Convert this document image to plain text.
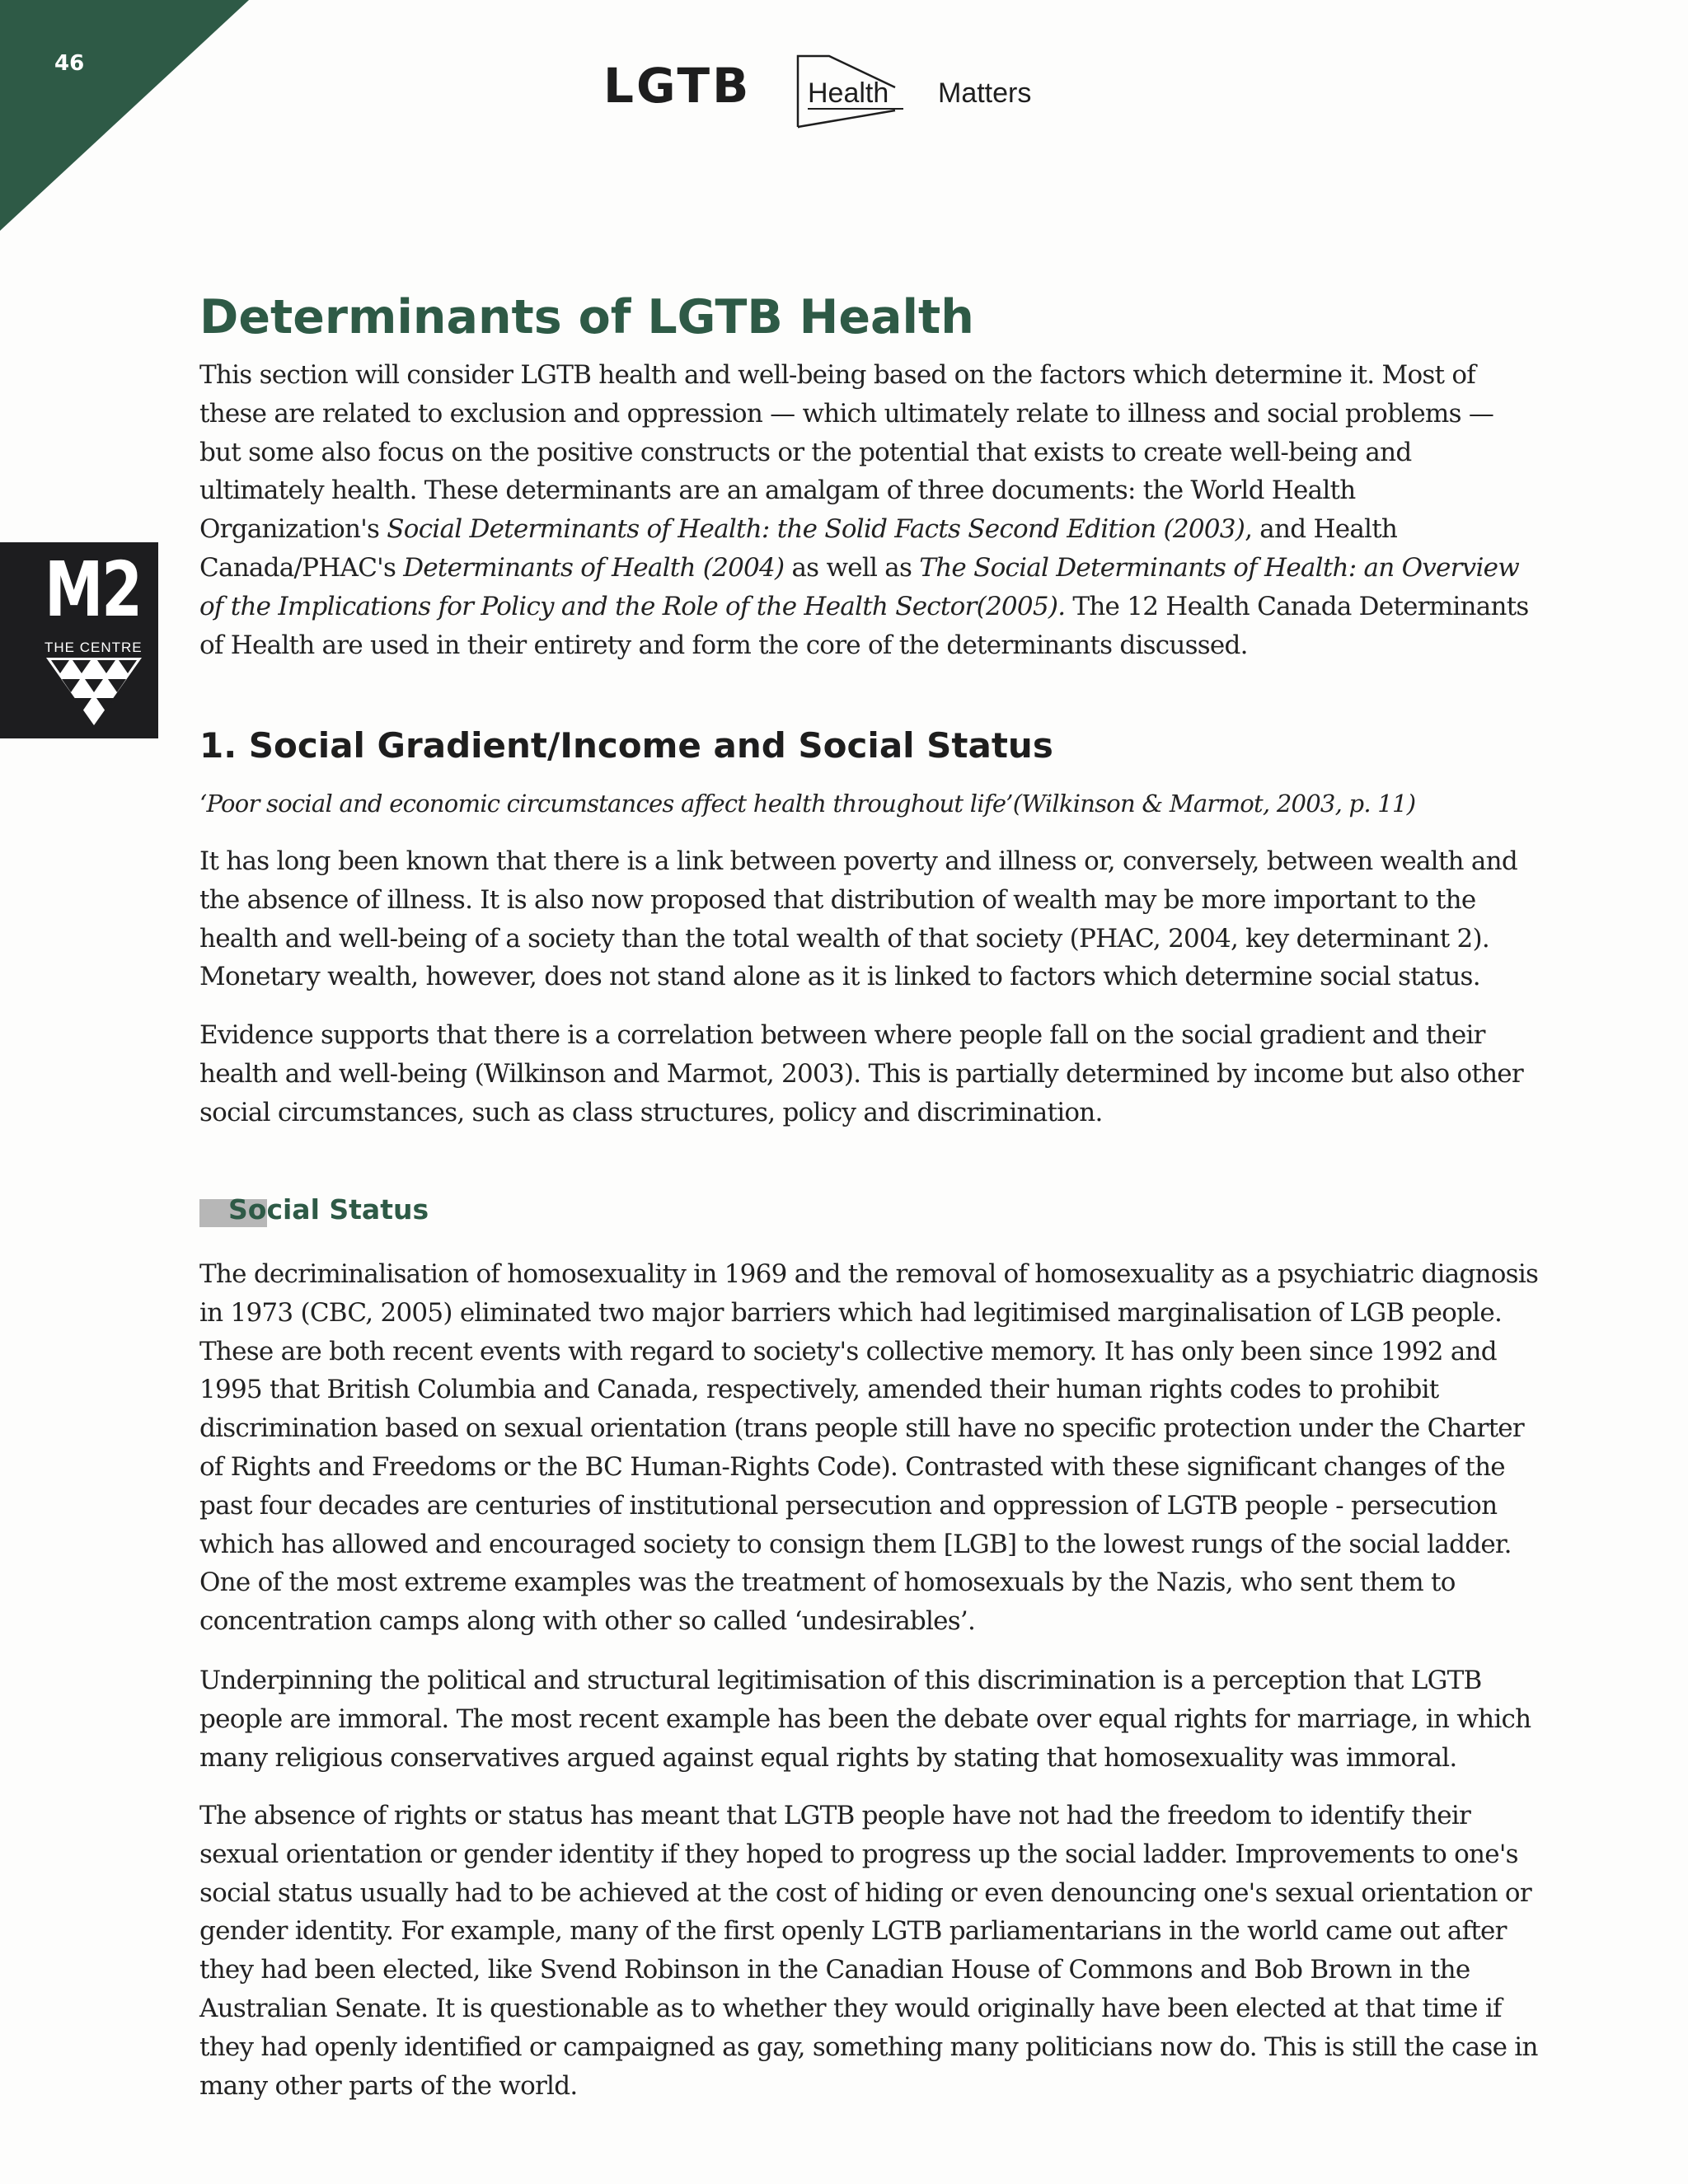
46	LGTB Health Matters
M2
THE CENTRE
Determinants of LGTB Health

This section will consider LGTB health and well-being based on the factors which determine it. Most of these are related to exclusion and oppression — which ultimately relate to illness and social problems — but some also focus on the positive constructs or the potential that exists to create well-being and ultimately health. These determinants are an amalgam of three documents: the World Health Organization's Social Determinants of Health: the Solid Facts Second Edition (2003), and Health Canada/PHAC's Determinants of Health (2004) as well as The Social Determinants of Health: an Overview of the Implications for Policy and the Role of the Health Sector(2005). The 12 Health Canada Determinants of Health are used in their entirety and form the core of the determinants discussed.

1. Social Gradient/Income and Social Status

‘Poor social and economic circumstances affect health throughout life’(Wilkinson & Marmot, 2003, p. 11)

It has long been known that there is a link between poverty and illness or, conversely, between wealth and the absence of illness. It is also now proposed that distribution of wealth may be more important to the health and well-being of a society than the total wealth of that society (PHAC, 2004, key determinant 2). Monetary wealth, however, does not stand alone as it is linked to factors which determine social status.

Evidence supports that there is a correlation between where people fall on the social gradient and their health and well-being (Wilkinson and Marmot, 2003). This is partially determined by income but also other social circumstances, such as class structures, policy and discrimination.

Social Status

The decriminalisation of homosexuality in 1969 and the removal of homosexuality as a psychiatric diagnosis in 1973 (CBC, 2005) eliminated two major barriers which had legitimised marginalisation of LGB people. These are both recent events with regard to society's collective memory. It has only been since 1992 and 1995 that British Columbia and Canada, respectively, amended their human rights codes to prohibit discrimination based on sexual orientation (trans people still have no specific protection under the Charter of Rights and Freedoms or the BC Human-Rights Code). Contrasted with these significant changes of the past four decades are centuries of institutional persecution and oppression of LGTB people - persecution which has allowed and encouraged society to consign them [LGB] to the lowest rungs of the social ladder. One of the most extreme examples was the treatment of homosexuals by the Nazis, who sent them to concentration camps along with other so called ‘undesirables’.

Underpinning the political and structural legitimisation of this discrimination is a perception that LGTB people are immoral. The most recent example has been the debate over equal rights for marriage, in which many religious conservatives argued against equal rights by stating that homosexuality was immoral.

The absence of rights or status has meant that LGTB people have not had the freedom to identify their sexual orientation or gender identity if they hoped to progress up the social ladder. Improvements to one's social status usually had to be achieved at the cost of hiding or even denouncing one's sexual orientation or gender identity. For example, many of the first openly LGTB parliamentarians in the world came out after they had been elected, like Svend Robinson in the Canadian House of Commons and Bob Brown in the Australian Senate. It is questionable as to whether they would originally have been elected at that time if they had openly identified or campaigned as gay, something many politicians now do. This is still the case in many other parts of the world.
